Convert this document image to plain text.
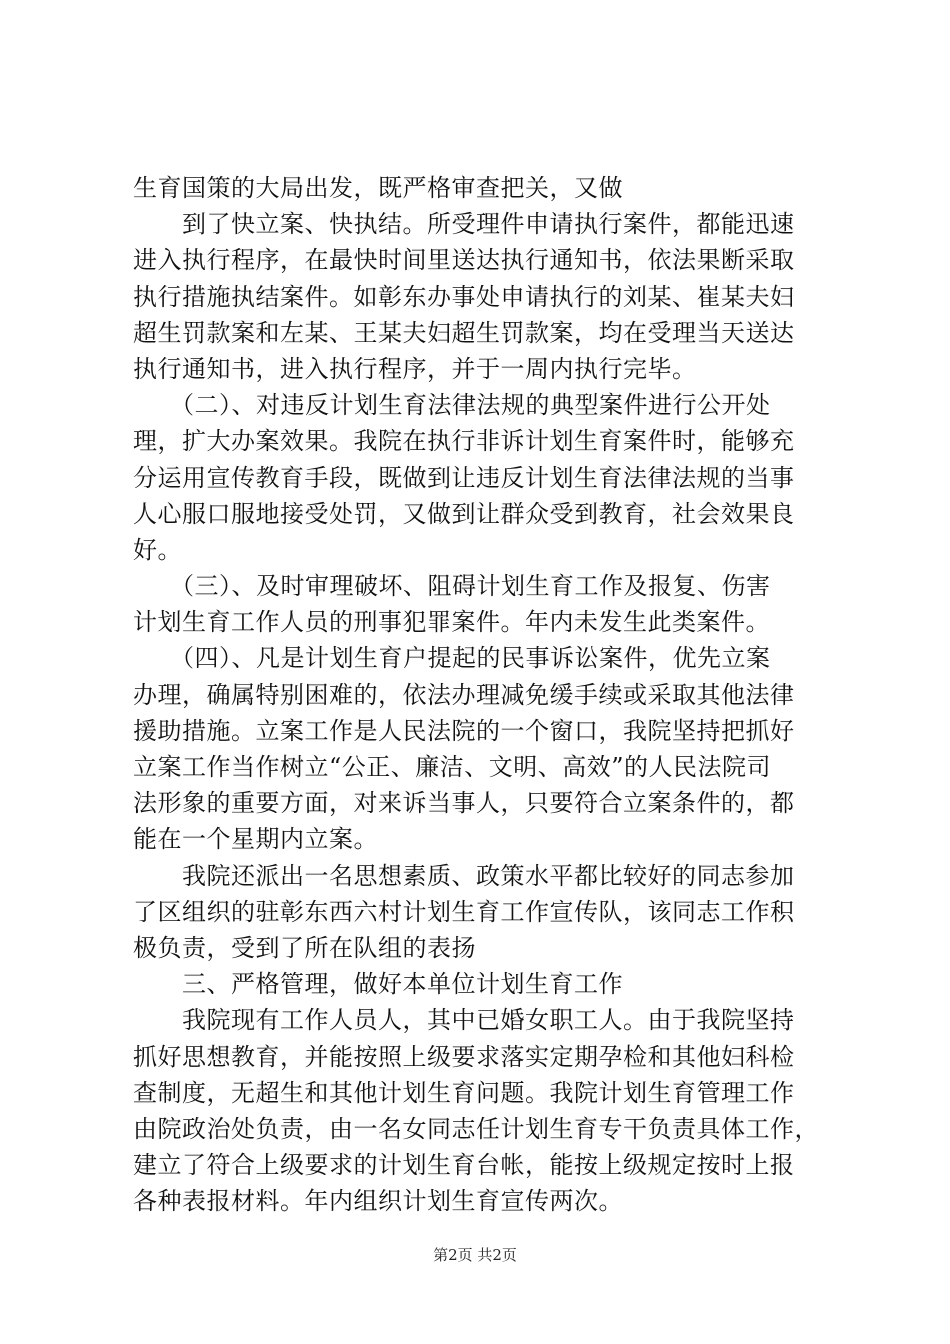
生育国策的大局出发，既严格审查把关，又做
　　到了快立案、快执结。所受理件申请执行案件，都能迅速
进入执行程序，在最快时间里送达执行通知书，依法果断采取
执行措施执结案件。如彰东办事处申请执行的刘某、崔某夫妇
超生罚款案和左某、王某夫妇超生罚款案，均在受理当天送达
执行通知书，进入执行程序，并于一周内执行完毕。
　　（二）、对违反计划生育法律法规的典型案件进行公开处
理，扩大办案效果。我院在执行非诉计划生育案件时，能够充
分运用宣传教育手段，既做到让违反计划生育法律法规的当事
人心服口服地接受处罚，又做到让群众受到教育，社会效果良
好。
　　（三）、及时审理破坏、阻碍计划生育工作及报复、伤害
计划生育工作人员的刑事犯罪案件。年内未发生此类案件。
　　（四）、凡是计划生育户提起的民事诉讼案件，优先立案
办理，确属特别困难的，依法办理减免缓手续或采取其他法律
援助措施。立案工作是人民法院的一个窗口，我院坚持把抓好
立案工作当作树立“公正、廉洁、文明、高效”的人民法院司
法形象的重要方面，对来诉当事人，只要符合立案条件的，都
能在一个星期内立案。
　　我院还派出一名思想素质、政策水平都比较好的同志参加
了区组织的驻彰东西六村计划生育工作宣传队，该同志工作积
极负责，受到了所在队组的表扬
　　三、严格管理，做好本单位计划生育工作
　　我院现有工作人员人，其中已婚女职工人。由于我院坚持
抓好思想教育，并能按照上级要求落实定期孕检和其他妇科检
查制度，无超生和其他计划生育问题。我院计划生育管理工作
由院政治处负责，由一名女同志任计划生育专干负责具体工作，
建立了符合上级要求的计划生育台帐，能按上级规定按时上报
各种表报材料。年内组织计划生育宣传两次。
第2页 共2页
